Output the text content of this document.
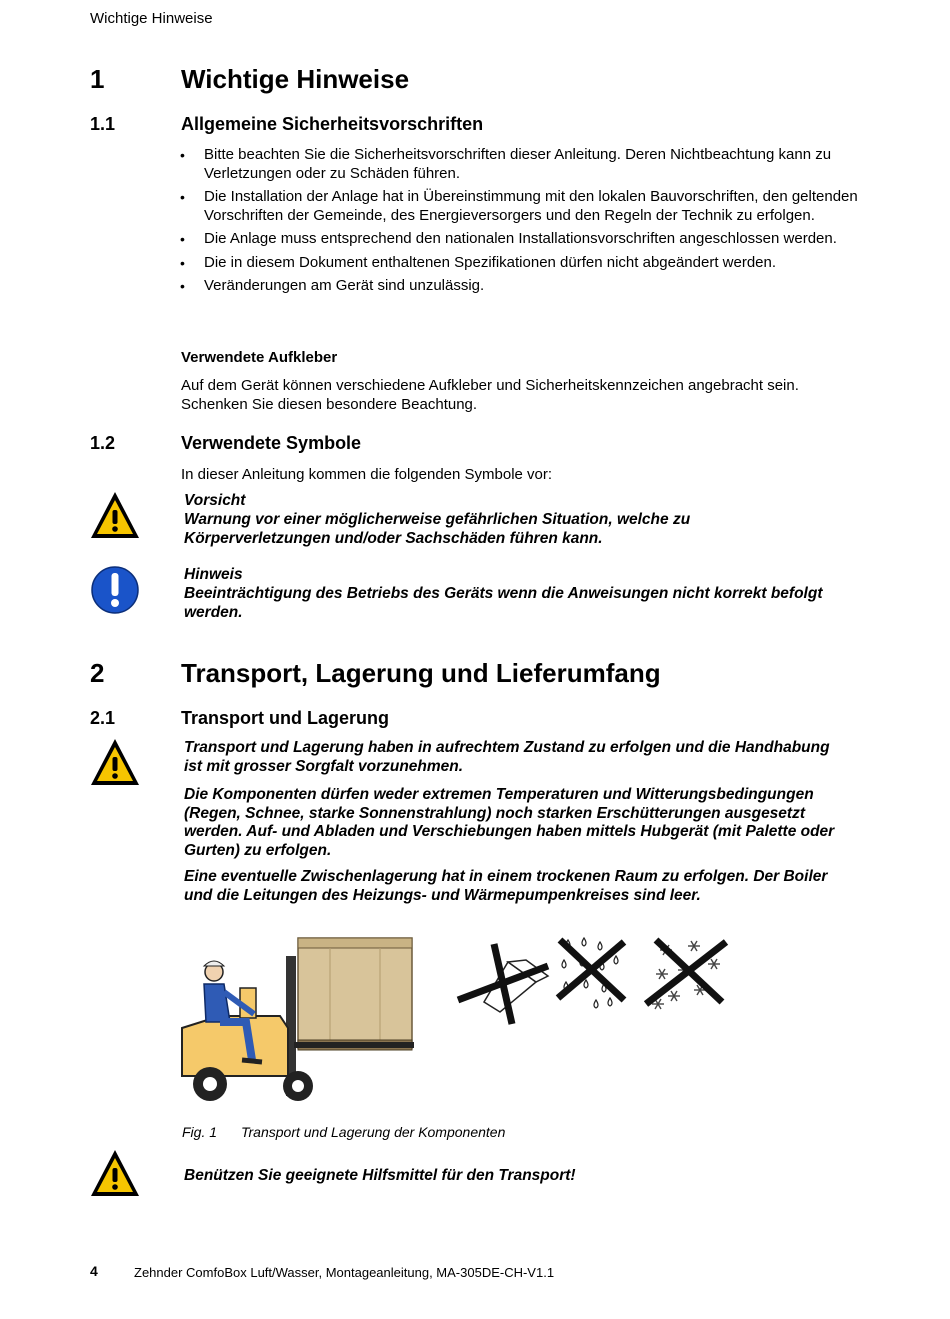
Wichtige Hinweise
1	Wichtige Hinweise
1.1	Allgemeine Sicherheitsvorschriften
• Bitte beachten Sie die Sicherheitsvorschriften dieser Anleitung. Deren Nichtbeachtung kann zu Verletzungen oder zu Schäden führen.
• Die Installation der Anlage hat in Übereinstimmung mit den lokalen Bauvorschriften, den geltenden Vorschriften der Gemeinde, des Energieversorgers und den Regeln der Technik zu erfolgen.
• Die Anlage muss entsprechend den nationalen Installationsvorschriften angeschlossen werden.
• Die in diesem Dokument enthaltenen Spezifikationen dürfen nicht abgeändert werden.
• Veränderungen am Gerät sind unzulässig.
Verwendete Aufkleber
Auf dem Gerät können verschiedene Aufkleber und Sicherheitskennzeichen angebracht sein. Schenken Sie diesen besondere Beachtung.
1.2	Verwendete Symbole
In dieser Anleitung kommen die folgenden Symbole vor:
Vorsicht
Warnung vor einer möglicherweise gefährlichen Situation, welche zu Körperverletzungen und/oder Sachschäden führen kann.
Hinweis
Beeinträchtigung des Betriebs des Geräts wenn die Anweisungen nicht korrekt befolgt werden.
2	Transport, Lagerung und Lieferumfang
2.1	Transport und Lagerung
Transport und Lagerung haben in aufrechtem Zustand zu erfolgen und die Handhabung ist mit grosser Sorgfalt vorzunehmen.
Die Komponenten dürfen weder extremen Temperaturen und Witterungsbedingungen (Regen, Schnee, starke Sonnenstrahlung) noch starken Erschütterungen ausgesetzt werden. Auf- und Abladen und Verschiebungen haben mittels Hubgerät (mit Palette oder Gurten) zu erfolgen.
Eine eventuelle Zwischenlagerung hat in einem trockenen Raum zu erfolgen. Der Boiler und die Leitungen des Heizungs- und Wärmepumpenkreises sind leer.
Fig. 1 Transport und Lagerung der Komponenten
Benützen Sie geeignete Hilfsmittel für den Transport!
4	Zehnder ComfoBox Luft/Wasser, Montageanleitung, MA-305DE-CH-V1.1
